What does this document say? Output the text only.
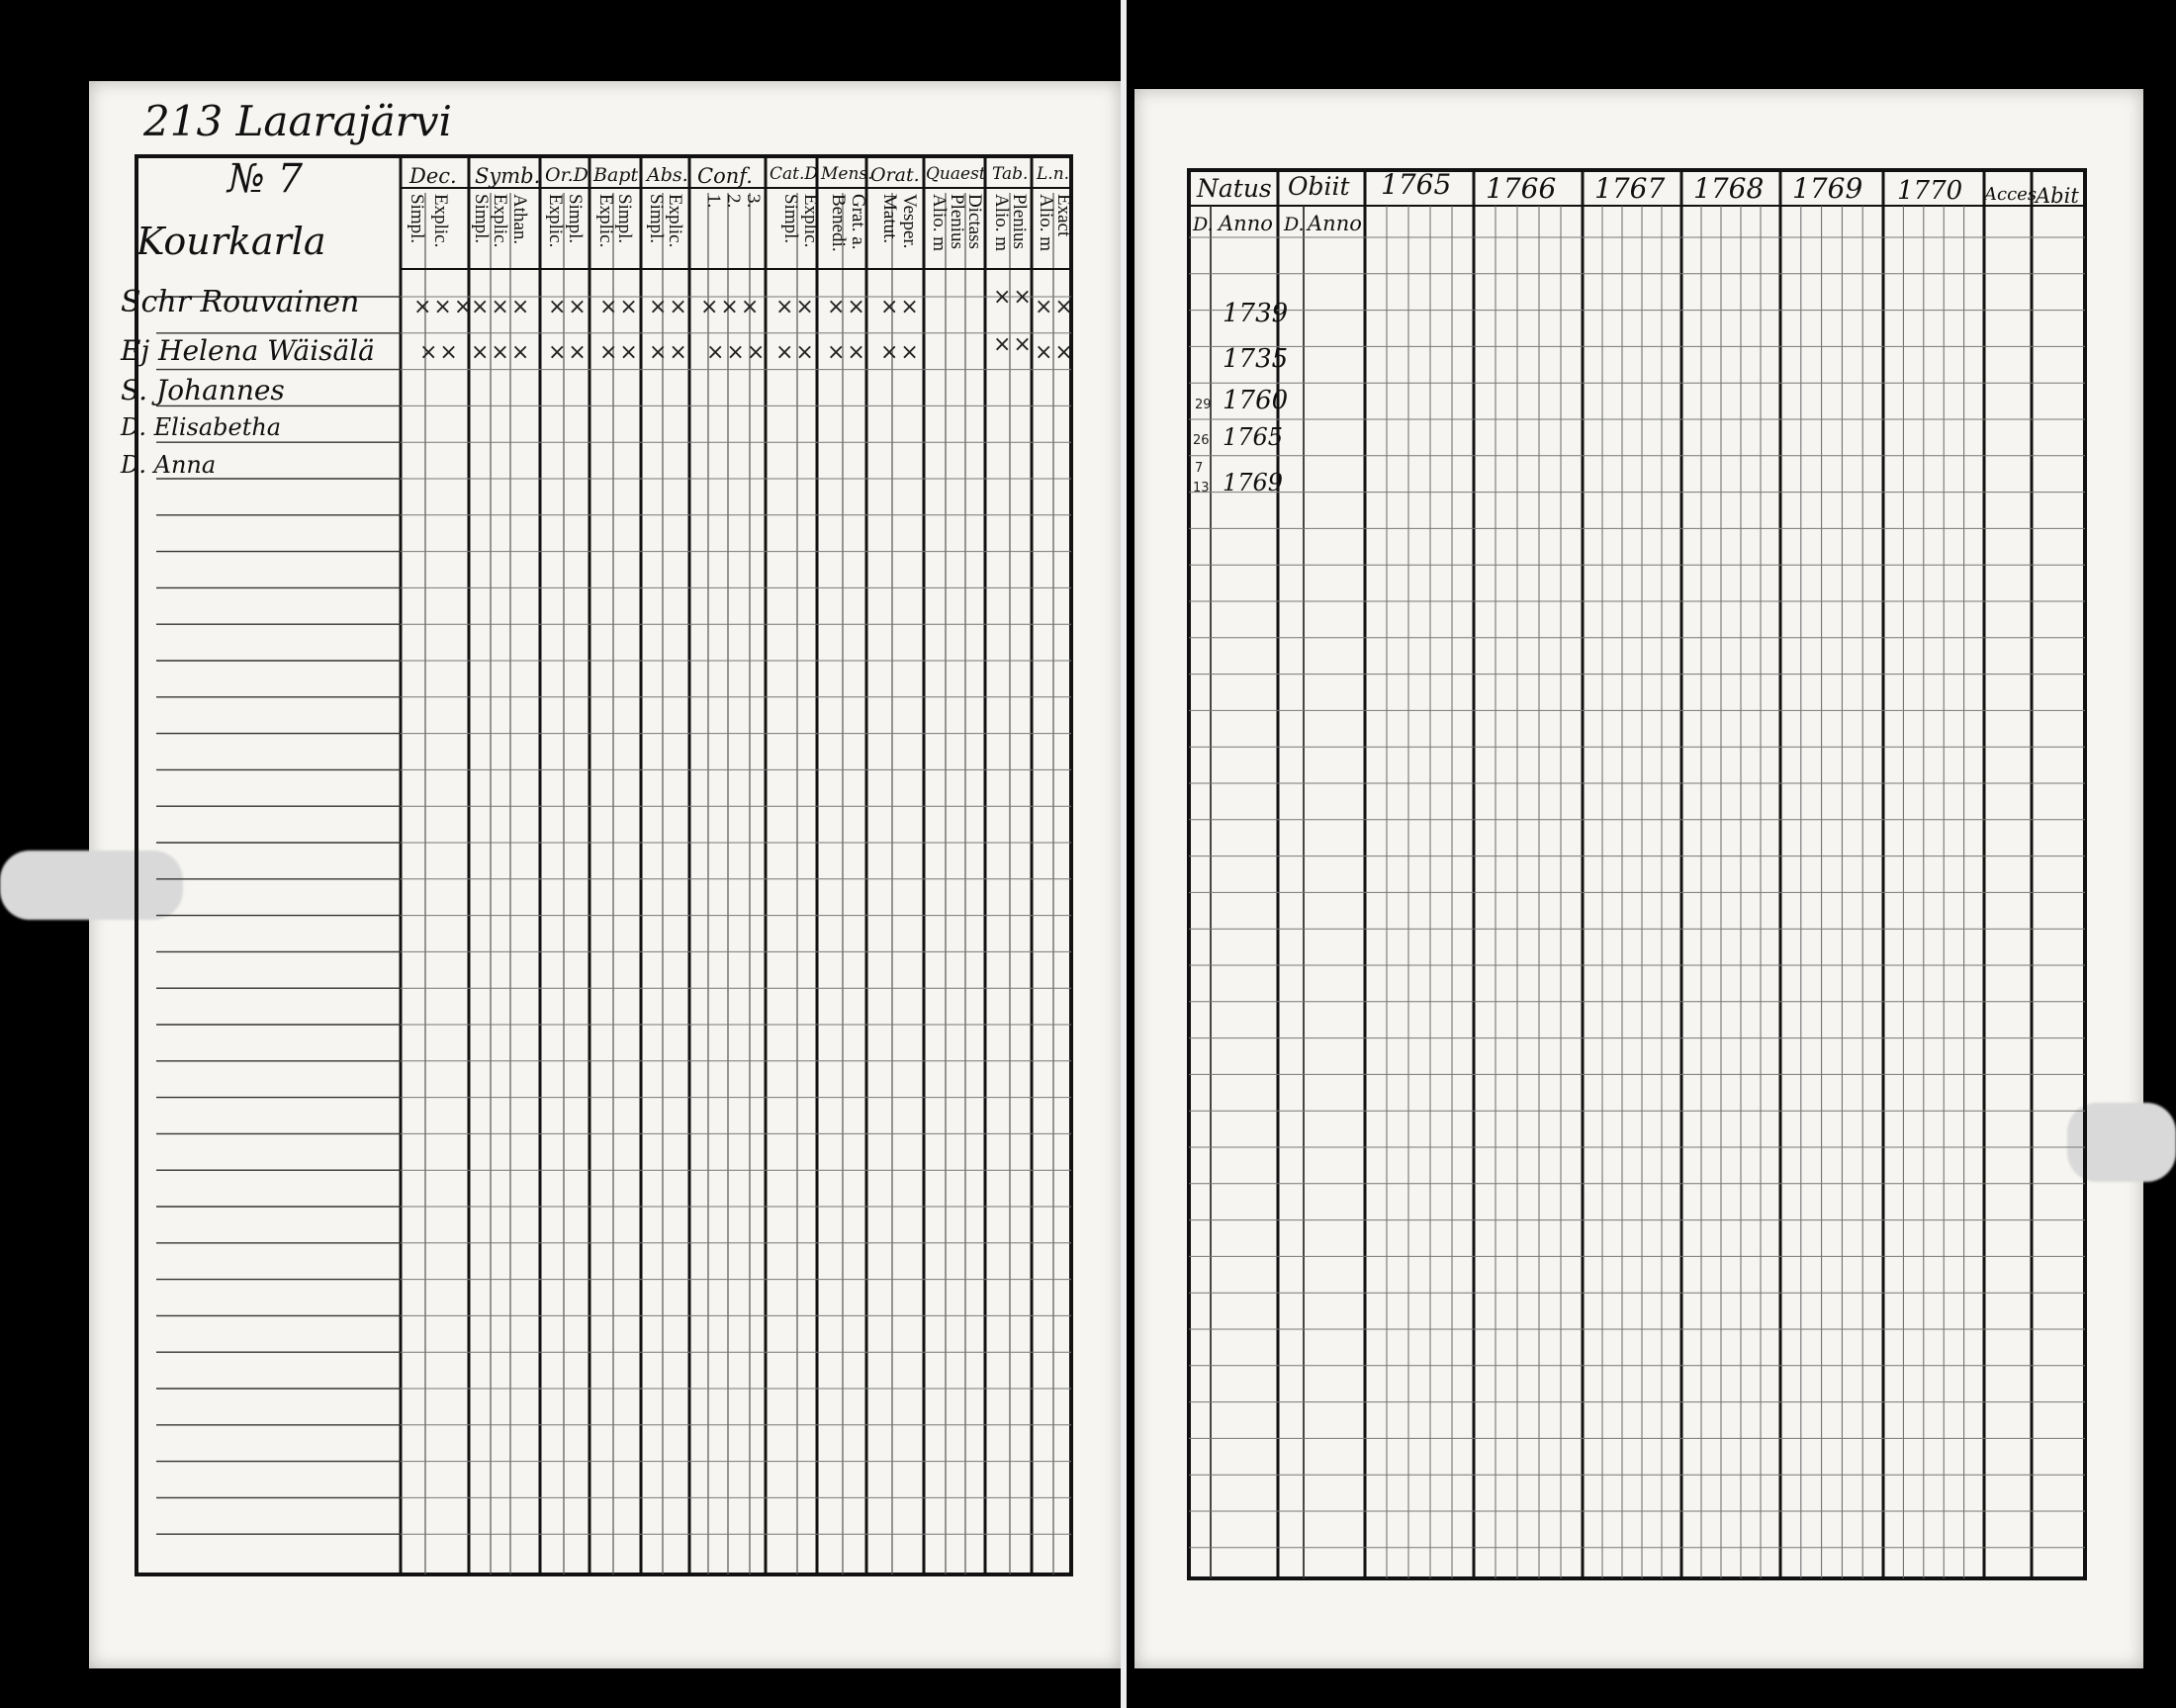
213 Laarajärvi
№ 7
Kourkarla
Dec. Symb. Or.D Bapt. Abs. Conf. Cat.D Mens.
Orat. Quaest Tab. L.n.
Simpl. Explic. Simpl.
Explic. Athan. Explic. Simpl. Explic.
Simpl. Simpl.
Explic. 1. 2. 3. Simpl. Explic. Benedi. Grat. a. Matut. Vesper. Alio. m
Plenius
Dictass Alio. m
Plenius Alio. m
Exact
Schr Rouvainen
Ej Helena Wäisälä
S. Johannes
D. Elisabetha
D. Anna
×××
××× ×× ×× ×× ××× ×× ×× ××	×× ××
×× ××× ×× ×× ×× ××× ×× ×× ××	×× ××
Natus Obiit 1765 1766 1767 1768 1769 1770 Acces
Abit
D. Anno D. Anno
1739
1735
1760
1765
1769
29
26
7
13
